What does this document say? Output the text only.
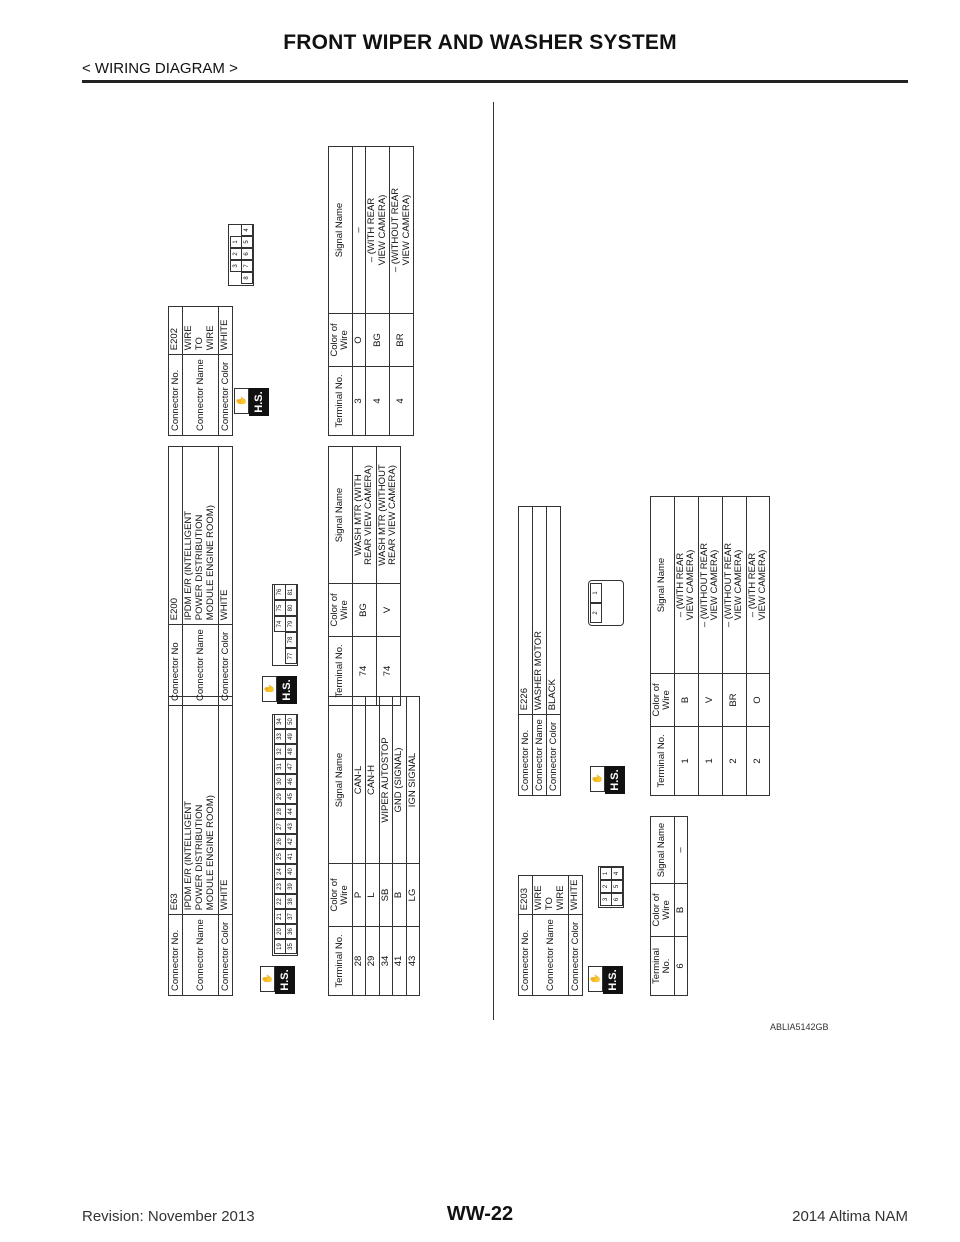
FRONT WIPER AND WASHER SYSTEM
< WIRING DIAGRAM >
Connector No.	E63
Connector Name	IPDM E/R (INTELLIGENT
POWER DISTRIBUTION
MODULE ENGINE ROOM)
Connector Color	WHITE
✋ H.S.
19
20
21
22
23
24
25
26
27
28
29
30
31
32
33
34
35
36
37
38
39
40
41
42
43
44
45
46
47
48
49
50
Terminal No.	Color of Wire	Signal Name
28	P	CAN-L
29	L	CAN-H
34	SB	WIPER AUTOSTOP
41	B	GND (SIGNAL)
43	LG	IGN SIGNAL
Connector No	E200
Connector Name	IPDM E/R (INTELLIGENT
POWER DISTRIBUTION
MODULE ENGINE ROOM)
Connector Color	WHITE
✋ H.S.
74
75
76
77
78
79
80
81
Terminal No.	Color of Wire	Signal Name
74	BG	WASH MTR (WITH
REAR VIEW CAMERA)
74	V	WASH MTR (WITHOUT
REAR VIEW CAMERA)
Connector No.	E202
Connector Name	WIRE TO WIRE
Connector Color	WHITE
✋ H.S.
3
2
1
8
7
6
5
4
Terminal No.	Color of Wire	Signal Name
3	O	–
4	BG	– (WITH REAR
VIEW CAMERA)
4	BR	– (WITHOUT REAR
VIEW CAMERA)
Connector No.	E203
Connector Name	WIRE TO WIRE
Connector Color	WHITE
✋ H.S.
3
2
1
6
5
4
Terminal No.	Color of Wire	Signal Name
6	B	–
Connector No.	E226
Connector Name	WASHER MOTOR
Connector Color	BLACK
✋ H.S.
2
1
Terminal No.	Color of Wire	Signal Name
1	B	– (WITH REAR
VIEW CAMERA)
1	V	– (WITHOUT REAR
VIEW CAMERA)
2	BR	– (WITHOUT REAR
VIEW CAMERA)
2	O	– (WITH REAR
VIEW CAMERA)
ABLIA5142GB
Revision: November 2013	WW-22	2014 Altima NAM
